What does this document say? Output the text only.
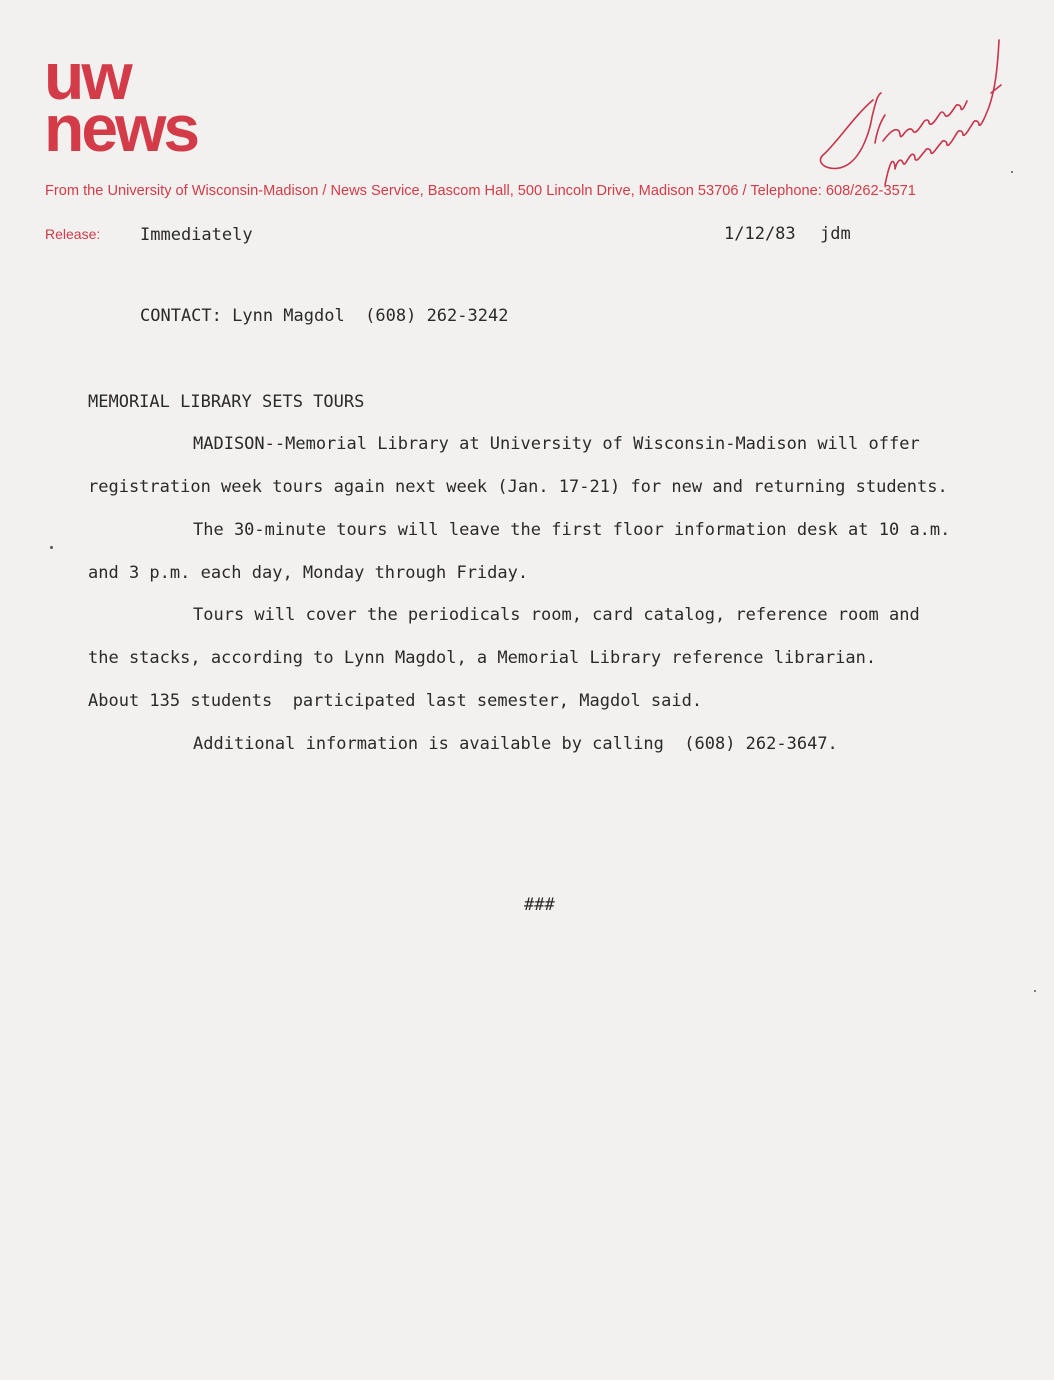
uw
news
From the University of Wisconsin-Madison / News Service, Bascom Hall, 500 Lincoln Drive, Madison 53706 / Telephone: 608/262-3571
Release: Immediately	1/12/83 jdm
CONTACT: Lynn Magdol  (608) 262-3242
MEMORIAL LIBRARY SETS TOURS
MADISON--Memorial Library at University of Wisconsin-Madison will offer
registration week tours again next week (Jan. 17-21) for new and returning students.
The 30-minute tours will leave the first floor information desk at 10 a.m.
and 3 p.m. each day, Monday through Friday.
Tours will cover the periodicals room, card catalog, reference room and
the stacks, according to Lynn Magdol, a Memorial Library reference librarian.
About 135 students  participated last semester, Magdol said.
Additional information is available by calling  (608) 262-3647.
###
